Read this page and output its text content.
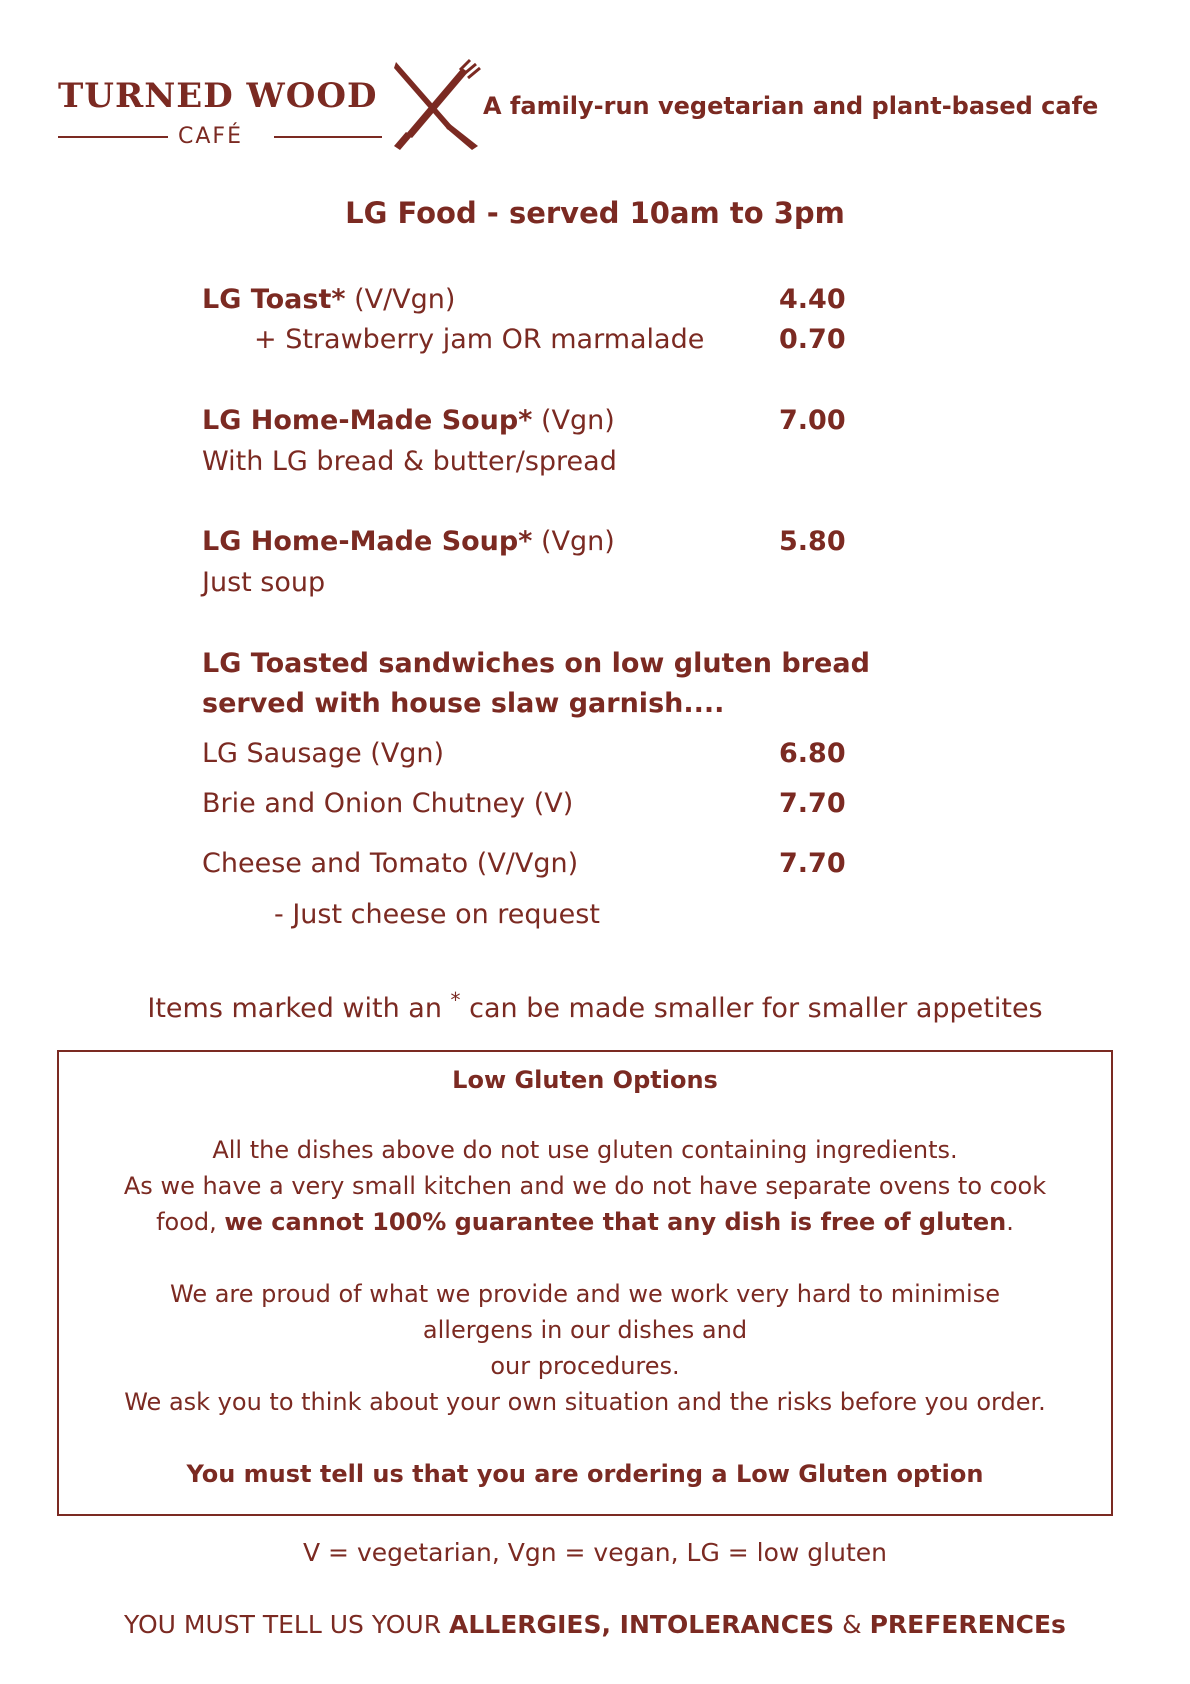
TURNED WOOD
CAFÉ
A family-run vegetarian and plant-based cafe
LG Food - served 10am to 3pm
LG Toast* (V/Vgn)	4.40
+ Strawberry jam OR marmalade	0.70
LG Home-Made Soup* (Vgn)	7.00
With LG bread & butter/spread
LG Home-Made Soup* (Vgn)	5.80
Just soup
LG Toasted sandwiches on low gluten bread
served with house slaw garnish....
LG Sausage (Vgn)	6.80
Brie and Onion Chutney (V)	7.70
Cheese and Tomato (V/Vgn)	7.70
- Just cheese on request
Items marked with an * can be made smaller for smaller appetites
Low Gluten Options
All the dishes above do not use gluten containing ingredients.
As we have a very small kitchen and we do not have separate ovens to cook
food, we cannot 100% guarantee that any dish is free of gluten.
We are proud of what we provide and we work very hard to minimise
allergens in our dishes and
our procedures.
We ask you to think about your own situation and the risks before you order.
You must tell us that you are ordering a Low Gluten option
V = vegetarian, Vgn = vegan, LG = low gluten
YOU MUST TELL US YOUR ALLERGIES, INTOLERANCES & PREFERENCEs
